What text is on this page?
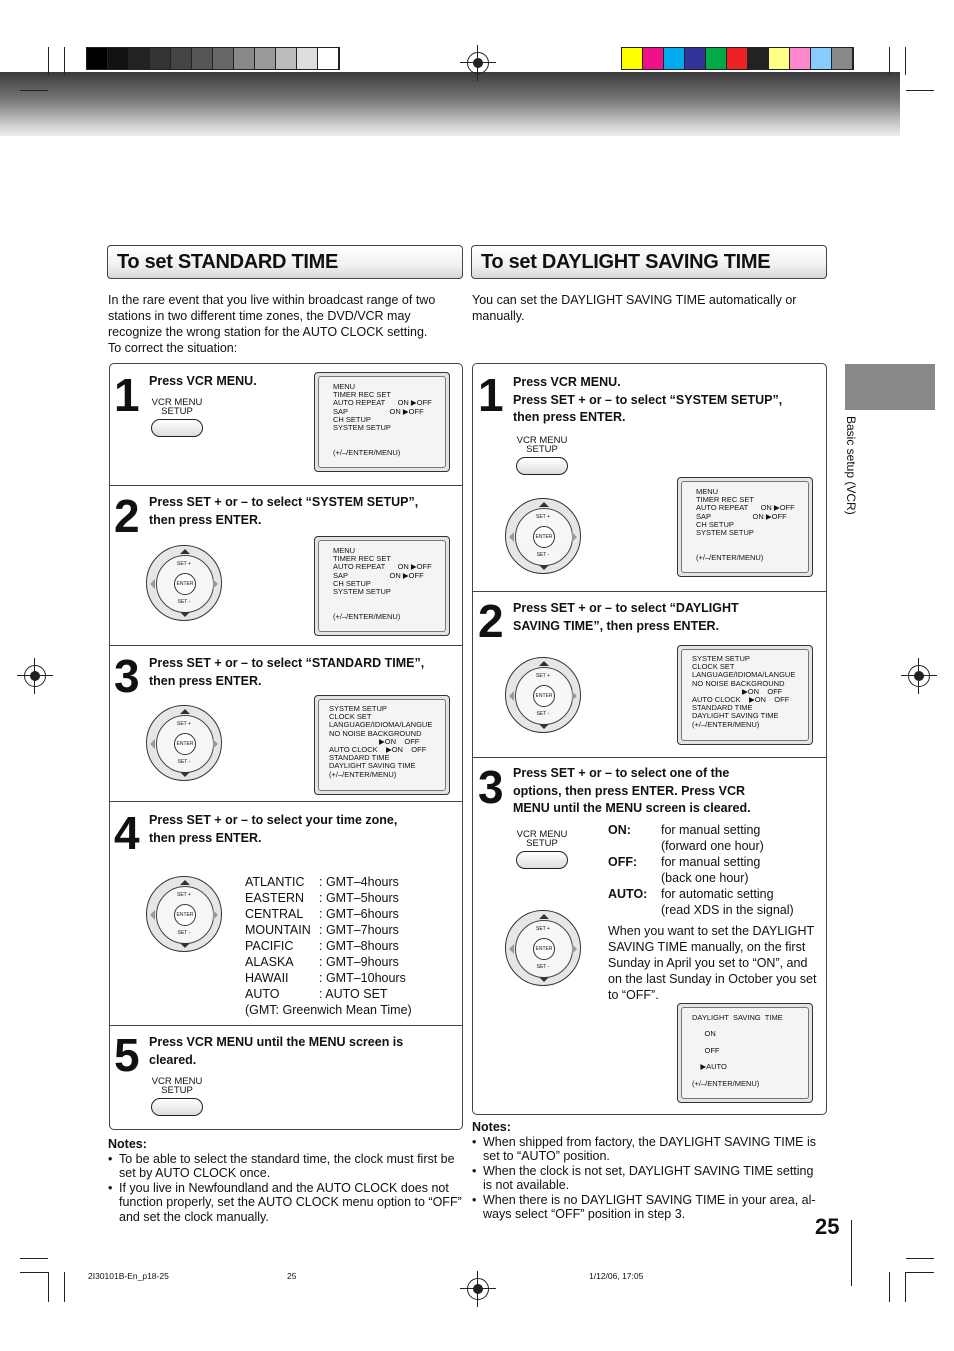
Basic setup (VCR)
To set STANDARD TIME
In the rare event that you live within broadcast range of two
stations in two different time zones, the DVD/VCR may
recognize the wrong station for the AUTO CLOCK setting.
To correct the situation:
1 Press VCR MENU.
VCR MENU
SETUP
MENU
TIMER REC SET
AUTO REPEAT      ON ▶OFF
SAP                    ON ▶OFF
CH SETUP
SYSTEM SETUP

(+/–/ENTER/MENU)
2 Press SET + or – to select “SYSTEM SETUP”,
then press ENTER.
SET +
SET -
ENTER
MENU
TIMER REC SET
AUTO REPEAT      ON ▶OFF
SAP                    ON ▶OFF
CH SETUP
SYSTEM SETUP

(+/–/ENTER/MENU)
3 Press SET + or – to select “STANDARD TIME”,
then press ENTER.
SET +
SET -
ENTER
SYSTEM SETUP
CLOCK SET
LANGUAGE/IDIOMA/LANGUE
NO NOISE BACKGROUND
▶ON    OFF
AUTO CLOCK    ▶ON    OFF
STANDARD TIME
DAYLIGHT SAVING TIME
(+/–/ENTER/MENU)
4 Press SET + or – to select your time zone,
then press ENTER.
SET +
SET -
ENTER
ATLANTIC : GMT–4hours
EASTERN : GMT–5hours
CENTRAL : GMT–6hours
MOUNTAIN : GMT–7hours
PACIFIC : GMT–8hours
ALASKA : GMT–9hours
HAWAII : GMT–10hours
AUTO	: AUTO SET
(GMT: Greenwich Mean Time)
5 Press VCR MENU until the MENU screen is
cleared.
VCR MENU
SETUP
Notes:
• To be able to select the standard time, the clock must first be
set by AUTO CLOCK once.
• If you live in Newfoundland and the AUTO CLOCK does not
function properly, set the AUTO CLOCK menu option to “OFF”
and set the clock manually.
To set DAYLIGHT SAVING TIME
You can set the DAYLIGHT SAVING TIME automatically or
manually.
1 Press VCR MENU.
Press SET + or – to select “SYSTEM SETUP”,
then press ENTER.
VCR MENU
SETUP
SET +
SET -
ENTER
MENU
TIMER REC SET
AUTO REPEAT      ON ▶OFF
SAP                    ON ▶OFF
CH SETUP
SYSTEM SETUP

(+/–/ENTER/MENU)
2 Press SET + or – to select “DAYLIGHT
SAVING TIME”, then press ENTER.
SET +
SET -
ENTER
SYSTEM SETUP
CLOCK SET
LANGUAGE/IDIOMA/LANGUE
NO NOISE BACKGROUND
▶ON    OFF
AUTO CLOCK    ▶ON    OFF
STANDARD TIME
DAYLIGHT SAVING TIME
(+/–/ENTER/MENU)
3 Press SET + or – to select one of the
options, then press ENTER. Press VCR
MENU until the MENU screen is cleared.
VCR MENU
SETUP
SET +
SET -
ENTER
ON: for manual setting
(forward one hour)
OFF: for manual setting
(back one hour)
AUTO: for automatic setting
(read XDS in the signal)
When you want to set the DAYLIGHT
SAVING TIME manually, on the first
Sunday in April you set to “ON”, and
on the last Sunday in October you set
to “OFF”.
DAYLIGHT  SAVING  TIME

ON

OFF

▶AUTO

(+/–/ENTER/MENU)
Notes:
• When shipped from factory, the DAYLIGHT SAVING TIME is
set to “AUTO” position.
• When the clock is not set, DAYLIGHT SAVING TIME setting
is not available.
• When there is no DAYLIGHT SAVING TIME in your area, al-
ways select “OFF” position in step 3.	25
2I30101B-En_p18-25	25	1/12/06, 17:05
